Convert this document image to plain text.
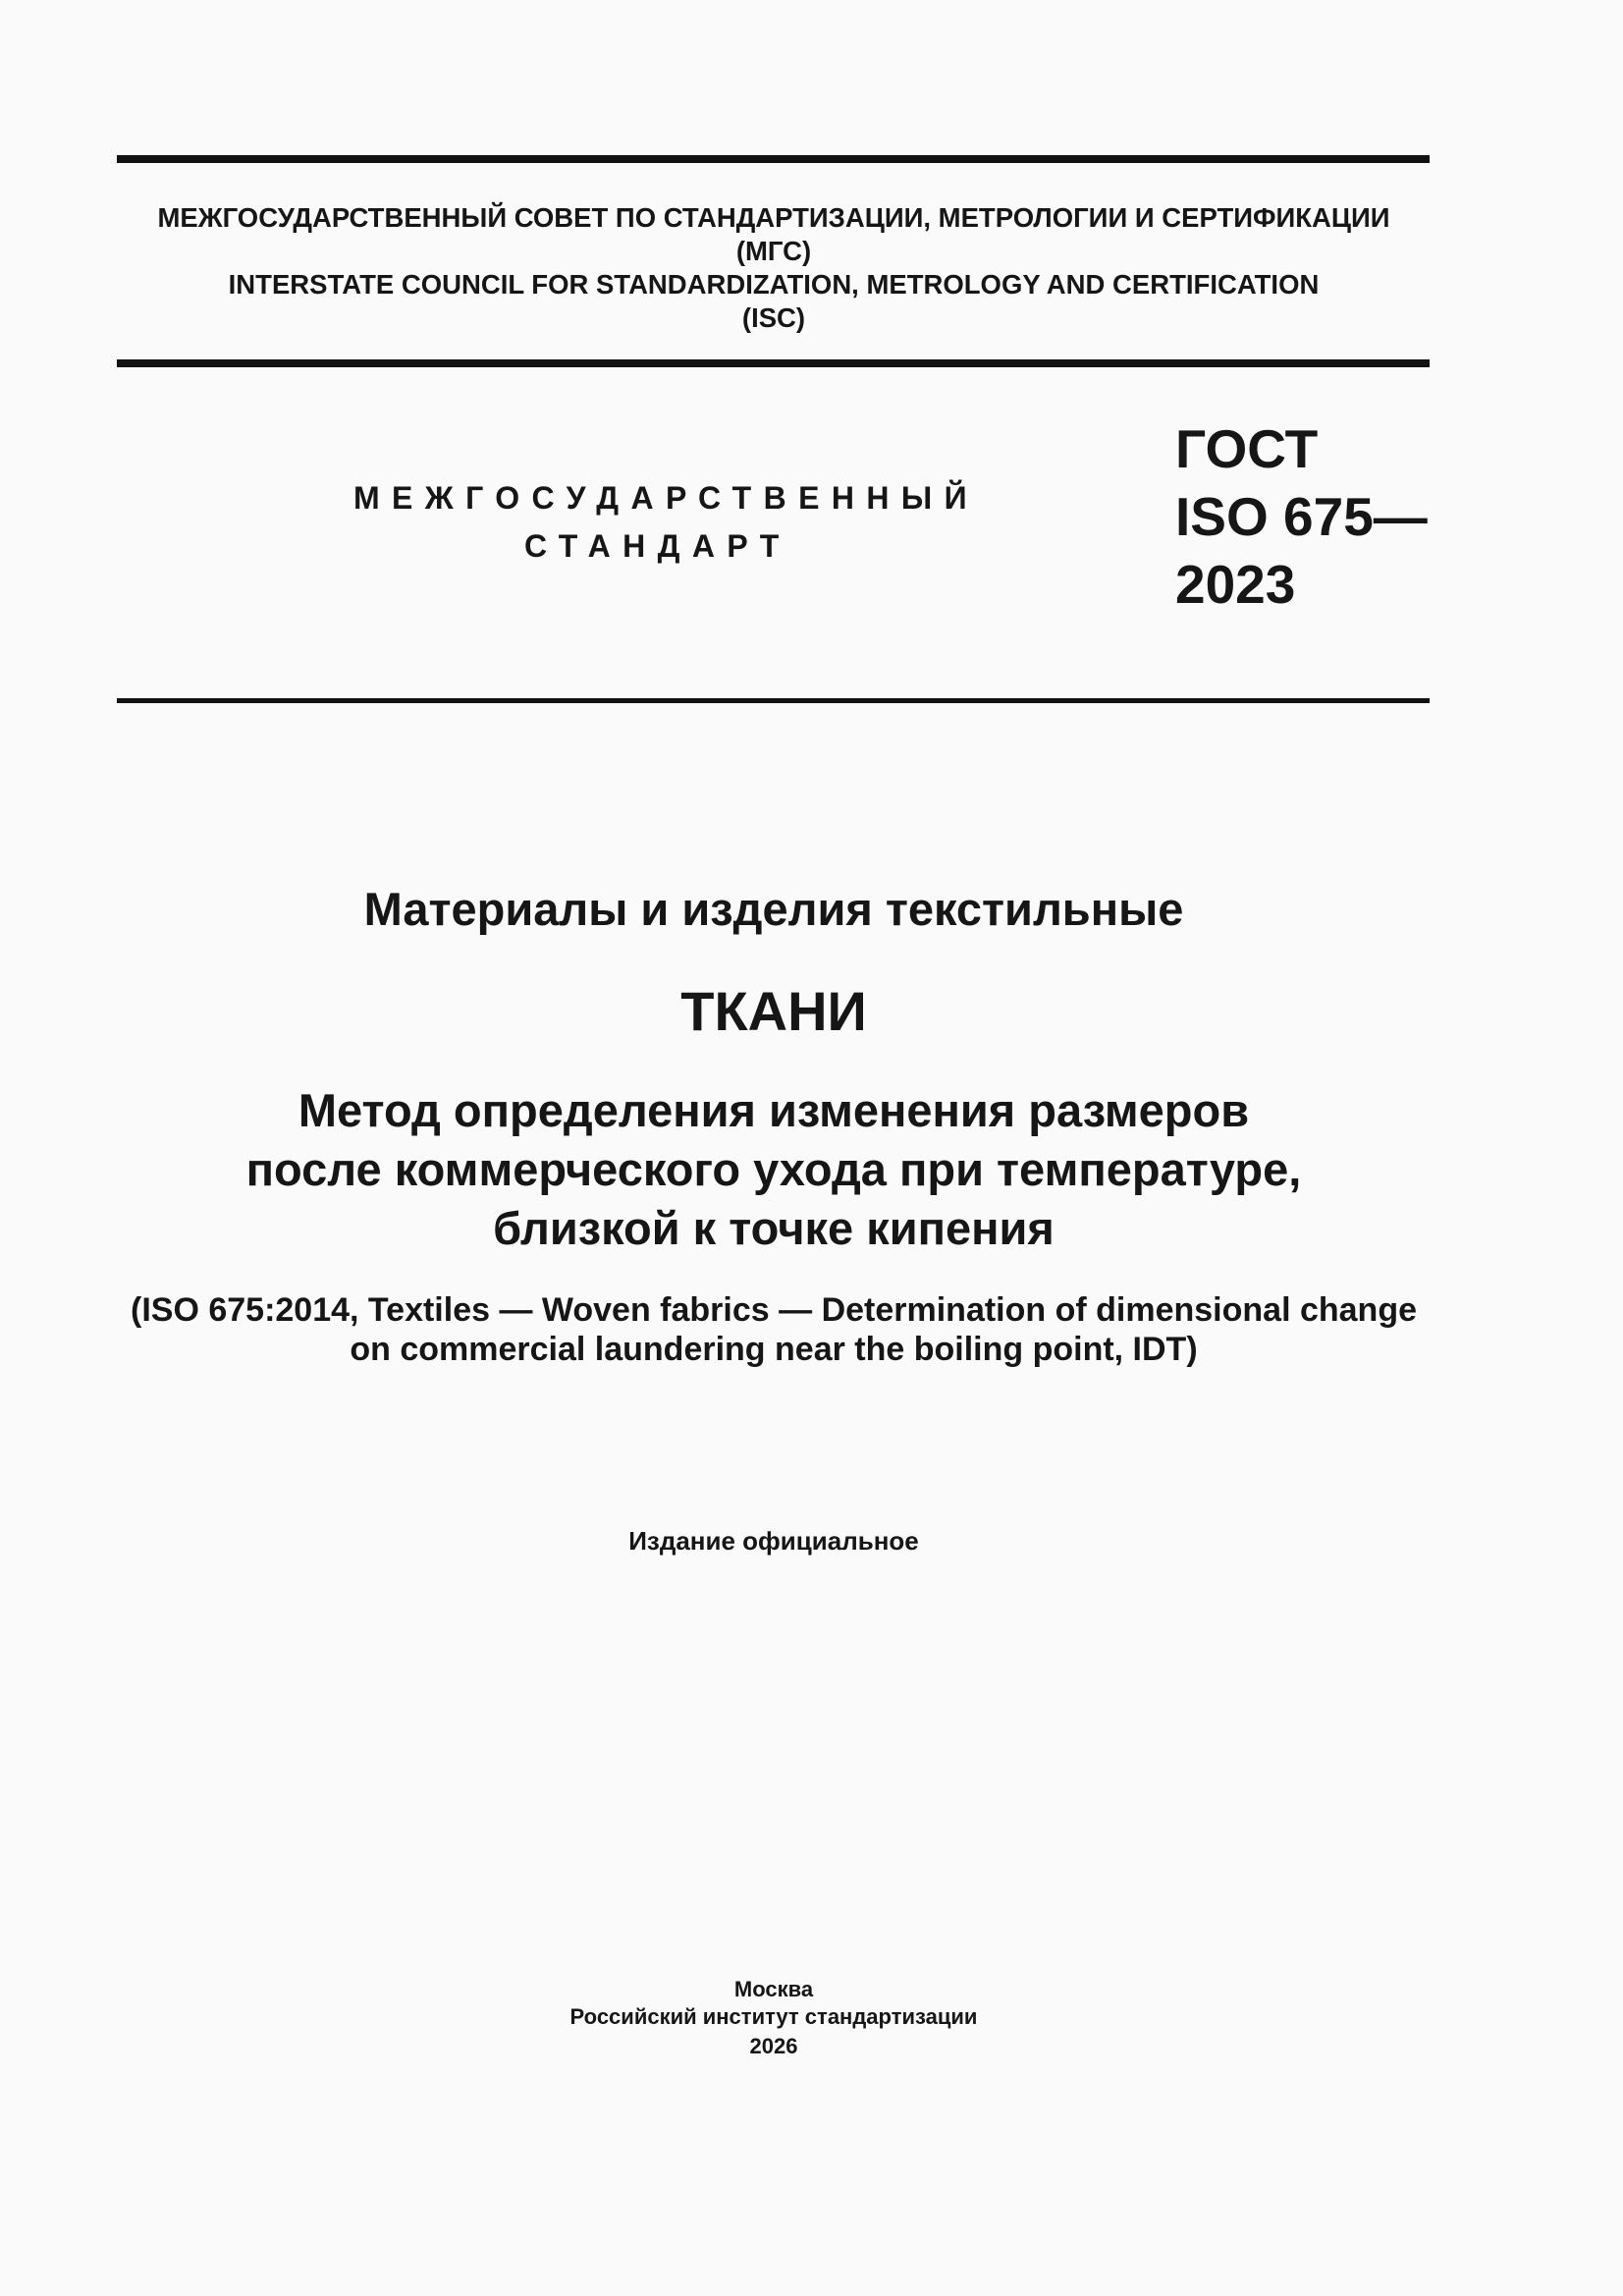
МЕЖГОСУДАРСТВЕННЫЙ СОВЕТ ПО СТАНДАРТИЗАЦИИ, МЕТРОЛОГИИ И СЕРТИФИКАЦИИ
(МГС)
INTERSTATE COUNCIL FOR STANDARDIZATION, METROLOGY AND CERTIFICATION
(ISC)
МЕЖГОСУДАРСТВЕННЫЙ
СТАНДАРТ
ГОСТ
ISO 675—
2023
Материалы и изделия текстильные
ТКАНИ
Метод определения изменения размеров
после коммерческого ухода при температуре,
близкой к точке кипения
(ISO 675:2014, Textiles — Woven fabrics — Determination of dimensional change
on commercial laundering near the boiling point, IDT)
Издание официальное
Москва
Российский институт стандартизации
2026
